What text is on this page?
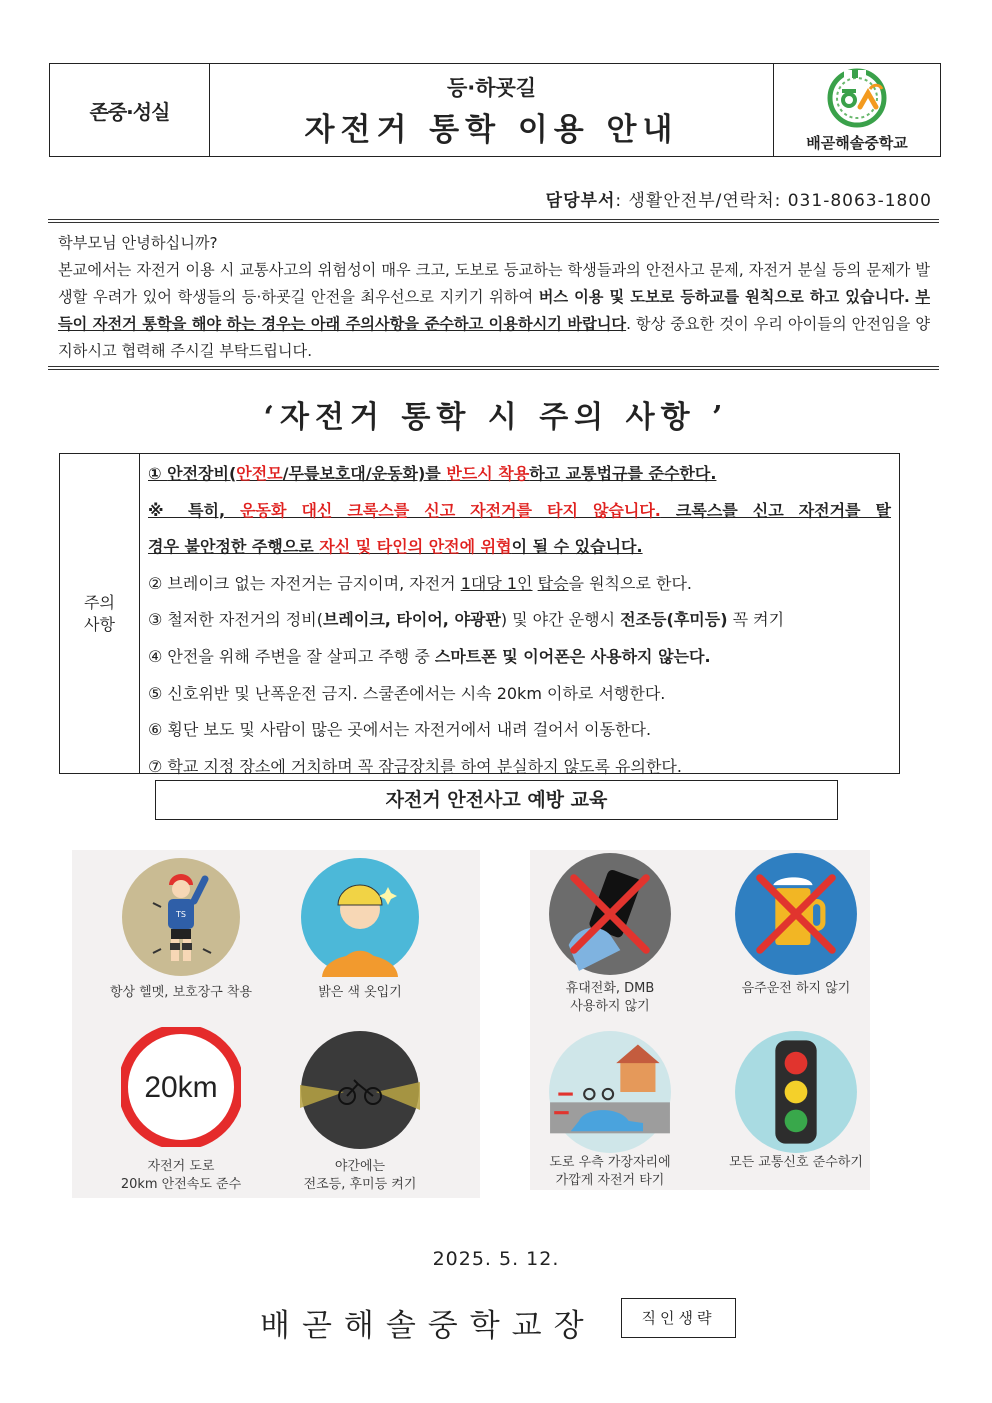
존중·성실
등·하굣길
자전거 통학 이용 안내	배곧해솔중학교
담당부서: 생활안전부/연락처: 031-8063-1800
학부모님 안녕하십니까?
본교에서는 자전거 이용 시 교통사고의 위험성이 매우 크고, 도보로 등교하는 학생들과의 안전사고 문제, 자전거 분실 등의 문제가 발생할 우려가 있어 학생들의 등·하굣길 안전을 최우선으로 지키기 위하여 버스 이용 및 도보로 등하교를 원칙으로 하고 있습니다. 부득이 자전거 통학을 해야 하는 경우는 아래 주의사항을 준수하고 이용하시기 바랍니다. 항상 중요한 것이 우리 아이들의 안전임을 양지하시고 협력해 주시길 부탁드립니다.
‘자전거 통학 시 주의 사항 ’
주의
사항
① 안전장비(안전모/무릎보호대/운동화)를 반드시 착용하고 교통법규를 준수한다.
※ 특히, 운동화 대신 크록스를 신고 자전거를 타지 않습니다. 크록스를 신고 자전거를 탈
경우 불안정한 주행으로 자신 및 타인의 안전에 위협이 될 수 있습니다.
② 브레이크 없는 자전거는 금지이며, 자전거 1대당 1인 탑승을 원칙으로 한다.
③ 철저한 자전거의 정비(브레이크, 타이어, 야광판) 및 야간 운행시 전조등(후미등) 꼭 켜기
④ 안전을 위해 주변을 잘 살피고 주행 중 스마트폰 및 이어폰은 사용하지 않는다.
⑤ 신호위반 및 난폭운전 금지. 스쿨존에서는 시속 20km 이하로 서행한다.
⑥ 횡단 보도 및 사람이 많은 곳에서는 자전거에서 내려 걸어서 이동한다.
⑦ 학교 지정 장소에 거치하며 꼭 잠금장치를 하여 분실하지 않도록 유의한다.
자전거 안전사고 예방 교육
TS
항상 헬멧, 보호장구 착용	밝은 색 옷입기
20km
자전거 도로
20km 안전속도 준수
야간에는
전조등, 후미등 켜기
휴대전화, DMB
사용하지 않기
음주운전 하지 않기
도로 우측 가장자리에
가깝게 자전거 타기
모든 교통신호 준수하기
2025. 5. 12.
배곧해솔중학교장	직인생략
